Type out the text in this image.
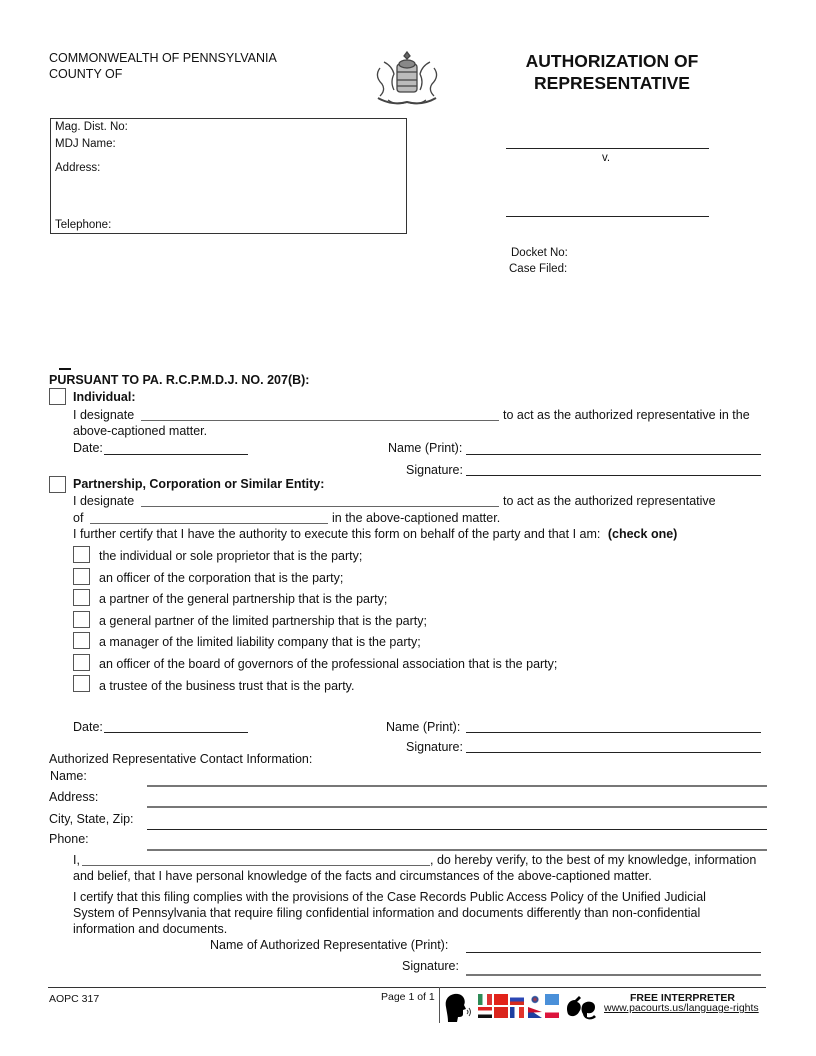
COMMONWEALTH OF PENNSYLVANIA
COUNTY OF
AUTHORIZATION OF
REPRESENTATIVE
Mag. Dist. No:
MDJ Name:
Address:
Telephone:
v.
Docket No:
Case Filed:
PURSUANT TO PA. R.C.P.M.D.J. NO. 207(B):
Individual:
I designate	to act as the authorized representative in the
above-captioned matter.
Date:	Name (Print):
Signature:
Partnership, Corporation or Similar Entity:
I designate	to act as the authorized representative
of	in the above-captioned matter.
I further certify that I have the authority to execute this form on behalf of the party and that I am: (check one)
the individual or sole proprietor that is the party;
an officer of the corporation that is the party;
a partner of the general partnership that is the party;
a general partner of the limited partnership that is the party;
a manager of the limited liability company that is the party;
an officer of the board of governors of the professional association that is the party;
a trustee of the business trust that is the party.
Date:	Name (Print):
Signature:
Authorized Representative Contact Information:
Name:
Address:
City, State, Zip:
Phone:
I,	, do hereby verify, to the best of my knowledge, information
and belief, that I have personal knowledge of the facts and circumstances of the above-captioned matter.
I certify that this filing complies with the provisions of the Case Records Public Access Policy of the Unified Judicial
System of Pennsylvania that require filing confidential information and documents differently than non-confidential
information and documents.
Name of Authorized Representative (Print):
Signature:
AOPC 317	Page 1 of 1	FREE INTERPRETER
www.pacourts.us/language-rights
